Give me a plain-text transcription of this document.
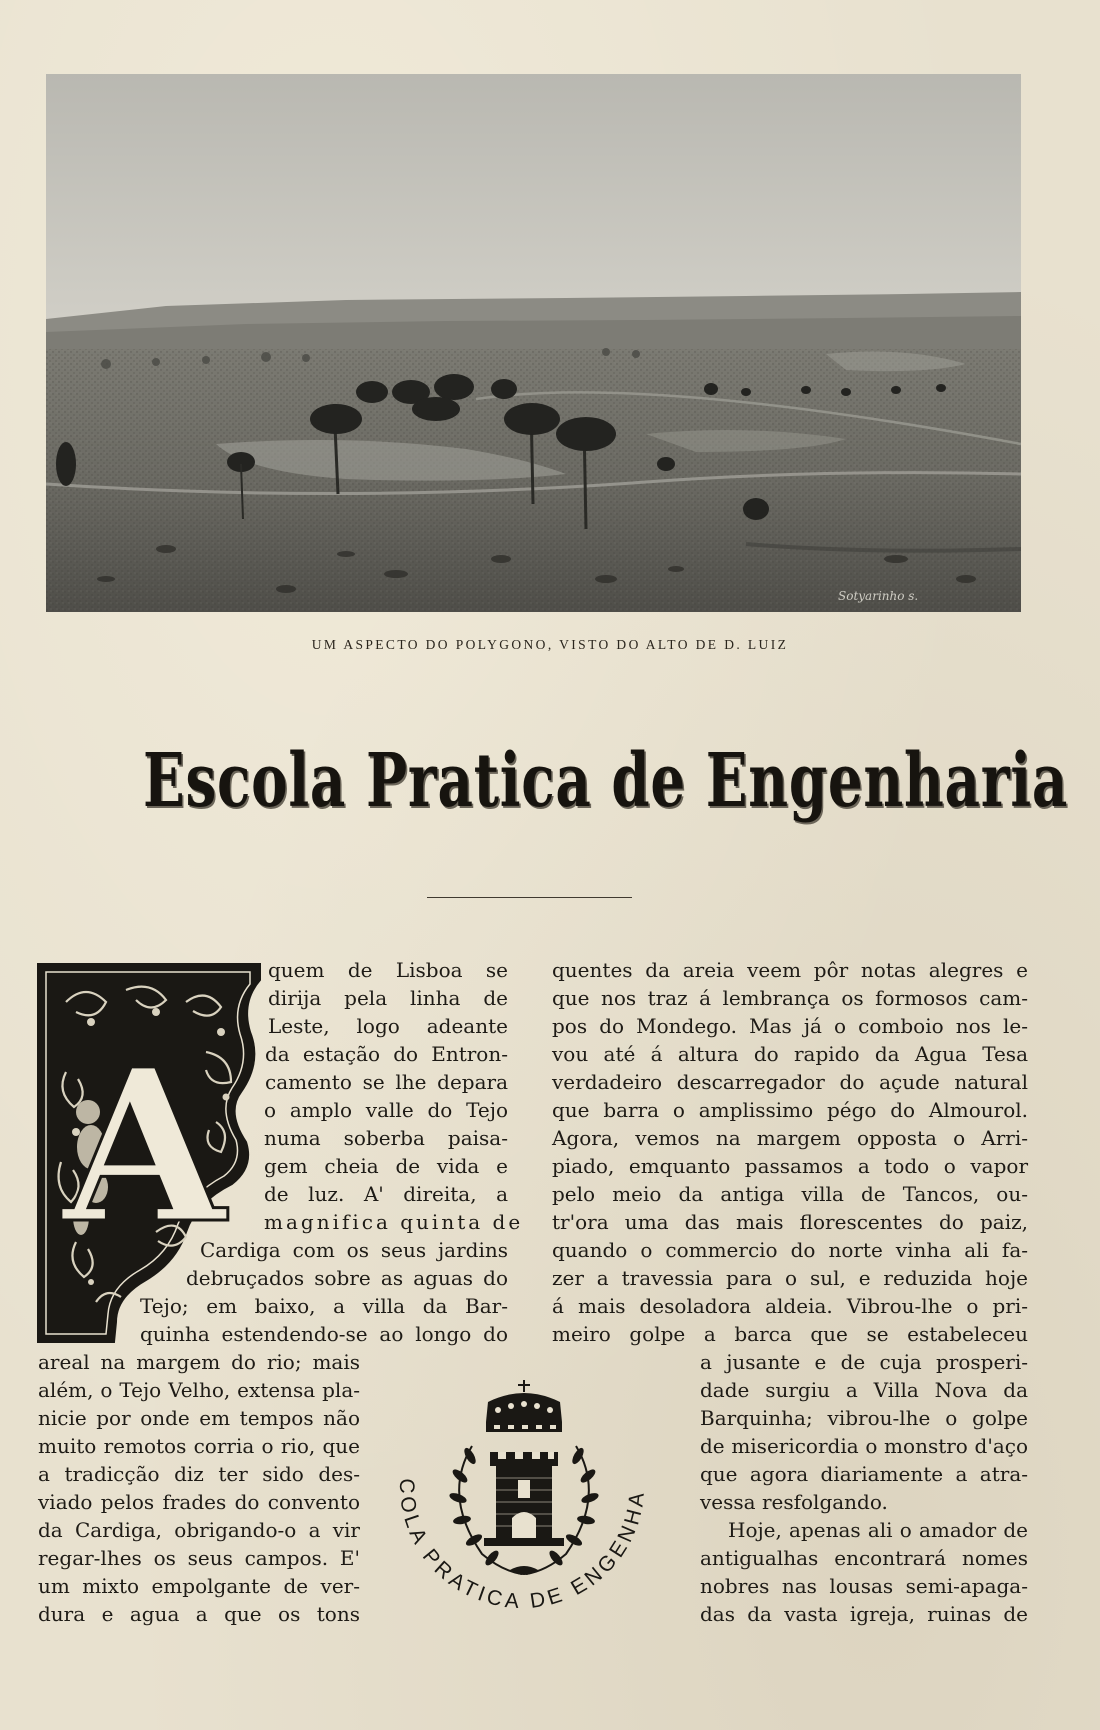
Sotyarinho s.
UM ASPECTO DO POLYGONO, VISTO DO ALTO DE D. LUIZ
Escola Pratica de Engenharia
A
quem de Lisboa se
dirija pela linha de
Leste, logo adeante
da estação do Entron-
camento se lhe depara
o amplo valle do Tejo
numa soberba paisa-
gem cheia de vida e
de luz. A' direita, a
magnifica quinta de
Cardiga com os seus jardins
debruçados sobre as aguas do
Tejo; em baixo, a villa da Bar-
quinha estendendo-se ao longo do
areal na margem do rio; mais
além, o Tejo Velho, extensa pla-
nicie por onde em tempos não
muito remotos corria o rio, que
a tradicção diz ter sido des-
viado pelos frades do convento
da Cardiga, obrigando-o a vir
regar-lhes os seus campos. E'
um mixto empolgante de ver-
dura e agua a que os tons
quentes da areia veem pôr notas alegres e
que nos traz á lembrança os formosos cam-
pos do Mondego. Mas já o comboio nos le-
vou até á altura do rapido da Agua Tesa
verdadeiro descarregador do açude natural
que barra o amplissimo pégo do Almourol.
Agora, vemos na margem opposta o Arri-
piado, emquanto passamos a todo o vapor
pelo meio da antiga villa de Tancos, ou-
tr'ora uma das mais florescentes do paiz,
quando o commercio do norte vinha ali fa-
zer a travessia para o sul, e reduzida hoje
á mais desoladora aldeia. Vibrou-lhe o pri-
meiro golpe a barca que se estabeleceu
a jusante e de cuja prosperi-
dade surgiu a Villa Nova da
Barquinha; vibrou-lhe o golpe
de misericordia o monstro d'aço
que agora diariamente a atra-
vessa resfolgando.
Hoje, apenas ali o amador de
antigualhas encontrará nomes
nobres nas lousas semi-apaga-
das da vasta igreja, ruinas de
COLA PRATICA DE ENGENHA
